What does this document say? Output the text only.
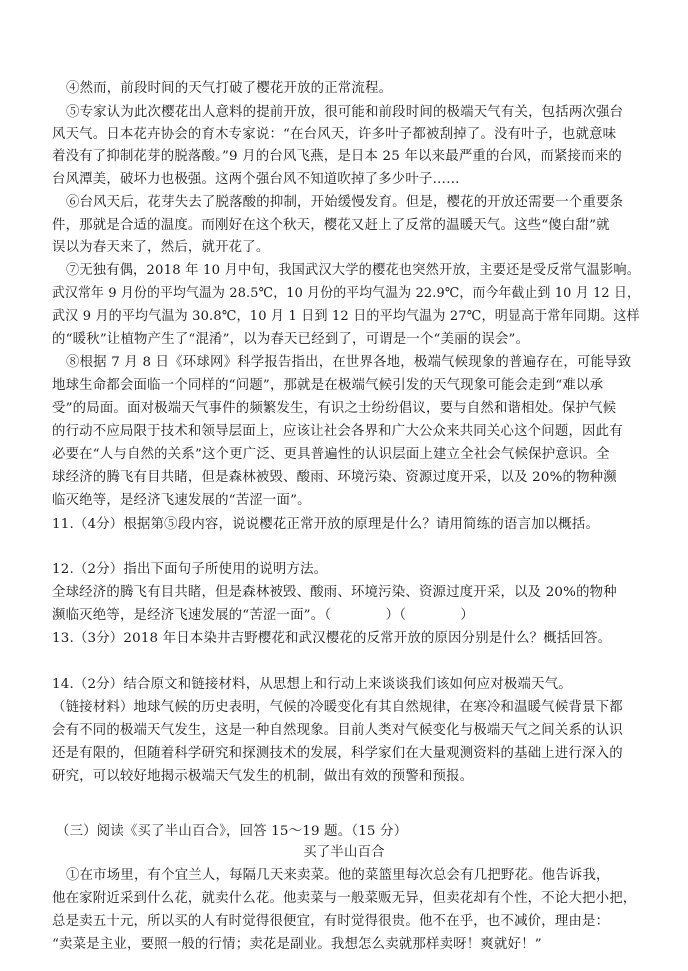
④然而，前段时间的天气打破了樱花开放的正常流程。
⑤专家认为此次樱花出人意料的提前开放，很可能和前段时间的极端天气有关，包括两次强台
风天气。日本花卉协会的育木专家说：“在台风天，许多叶子都被刮掉了。没有叶子，也就意味
着没有了抑制花芽的脱落酸。”9 月的台风飞燕，是日本 25 年以来最严重的台风，而紧接而来的
台风潭美，破坏力也极强。这两个强台风不知道吹掉了多少叶子……
⑥台风天后，花芽失去了脱落酸的抑制，开始缓慢发育。但是，樱花的开放还需要一个重要条
件，那就是合适的温度。而刚好在这个秋天，樱花又赶上了反常的温暖天气。这些“傻白甜”就
误以为春天来了，然后，就开花了。
⑦无独有偶，2018 年 10 月中旬，我国武汉大学的樱花也突然开放，主要还是受反常气温影响。
武汉常年 9 月份的平均气温为 28.5℃，10 月份的平均气温为 22.9℃，而今年截止到 10 月 12 日，
武汉 9 月的平均气温为 30.8℃，10 月 1 日到 12 日的平均气温为 27℃，明显高于常年同期。这样
的“暖秋”让植物产生了“混淆”，以为春天已经到了，可谓是一个“美丽的误会”。
⑧根据 7 月 8 日《环球网》科学报告指出，在世界各地，极端气候现象的普遍存在，可能导致
地球生命都会面临一个同样的“问题”，那就是在极端气候引发的天气现象可能会走到“难以承
受”的局面。面对极端天气事件的频繁发生，有识之士纷纷倡议，要与自然和谐相处。保护气候
的行动不应局限于技术和领导层面上，应该让社会各界和广大公众来共同关心这个问题，因此有
必要在“人与自然的关系”这个更广泛、更具普遍性的认识层面上建立全社会气候保护意识。全
球经济的腾飞有目共睹，但是森林被毁、酸雨、环境污染、资源过度开采，以及 20%的物种濒
临灭绝等，是经济飞速发展的“苦涩一面”。
11.（4分）根据第⑤段内容，说说樱花正常开放的原理是什么？请用简练的语言加以概括。
12.（2分）指出下面句子所使用的说明方法。
全球经济的腾飞有目共睹，但是森林被毁、酸雨、环境污染、资源过度开采，以及 20%的物种
濒临灭绝等，是经济飞速发展的“苦涩一面”。（　　　　）（　　　　）
13.（3分）2018 年日本染井吉野樱花和武汉樱花的反常开放的原因分别是什么？概括回答。
14.（2分）结合原文和链接材料，从思想上和行动上来谈谈我们该如何应对极端天气。
（链接材料）地球气候的历史表明，气候的冷暖变化有其自然规律，在寒冷和温暖气候背景下都
会有不同的极端天气发生，这是一种自然现象。目前人类对气候变化与极端天气之间关系的认识
还是有限的，但随着科学研究和探测技术的发展，科学家们在大量观测资料的基础上进行深入的
研究，可以较好地揭示极端天气发生的机制，做出有效的预警和预报。
（三）阅读《买了半山百合》，回答 15～19 题。（15 分）
买了半山百合
①在市场里，有个宜兰人，每隔几天来卖菜。他的菜篮里每次总会有几把野花。他告诉我，
他在家附近采到什么花，就卖什么花。他卖菜与一般菜贩无异，但卖花却有个性，不论大把小把，
总是卖五十元，所以买的人有时觉得很便宜，有时觉得很贵。他不在乎，也不减价，理由是：
“卖菜是主业，要照一般的行情；卖花是副业。我想怎么卖就那样卖呀！爽就好！”
